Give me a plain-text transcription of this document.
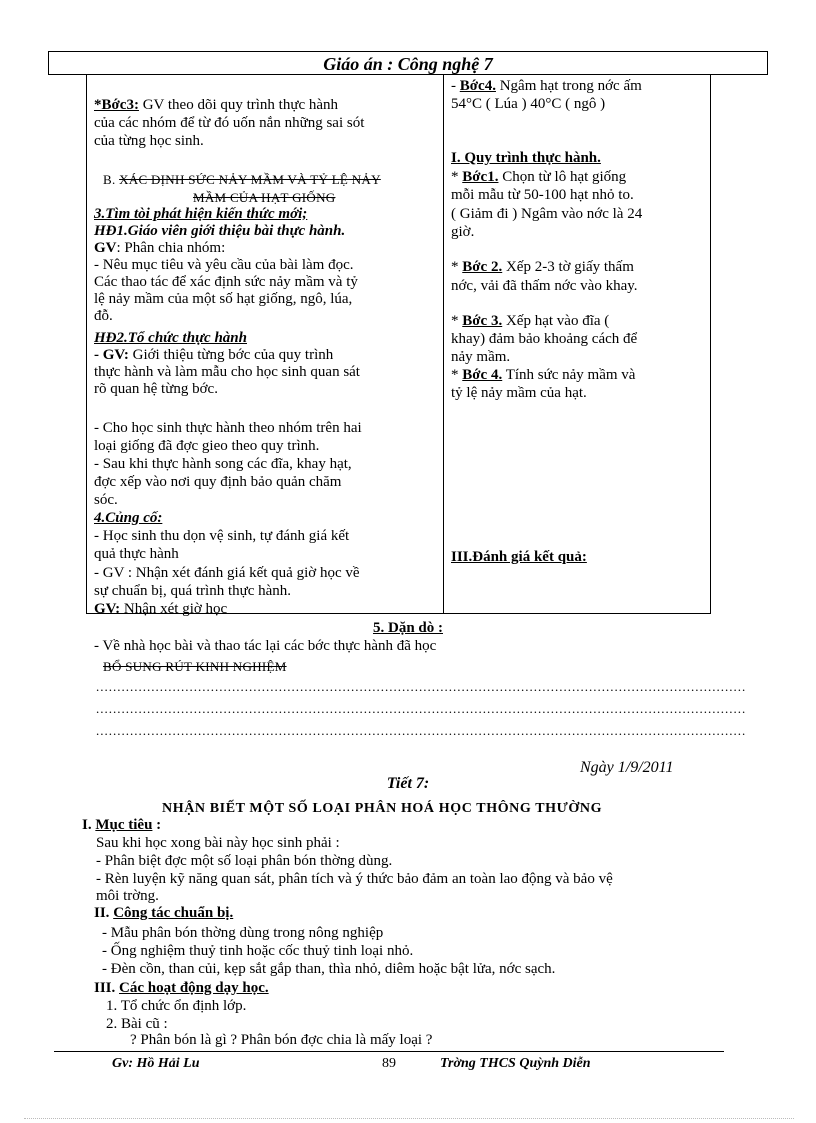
Giáo án : Công nghệ 7
*Bớc3: GV theo dõi quy trình thực hành
của các nhóm để từ đó uốn nắn những sai sót
của từng học sinh.
B. XÁC ĐỊNH SỨC NẢY MẦM VÀ TỶ LỆ NẢY
MẦM CỦA HẠT GIỐNG
3.Tìm tòi phát hiện kiến thức mới;
HĐ1.Giáo viên giới thiệu bài thực hành.
GV: Phân chia nhóm:
- Nêu mục tiêu và yêu cầu của bài làm đọc.
Các thao tác để xác định sức nảy mầm và tỷ
lệ nảy mầm của một số hạt giống, ngô, lúa,
đỗ.
HĐ2.Tổ chức thực hành
- GV: Giới thiệu từng bớc của quy trình
thực hành và làm mẫu cho học sinh quan sát
rõ quan hệ từng bớc.
- Cho học sinh thực hành theo nhóm trên hai
loại giống đã đợc gieo theo quy trình.
- Sau khi thực hành song các đĩa, khay hạt,
đợc xếp vào nơi quy định bảo quản chăm
sóc.
4.Củng cố:
- Học sinh thu dọn vệ sinh, tự đánh giá kết
quả thực hành
- GV : Nhận xét đánh giá kết quả giờ học về
sự chuẩn bị, quá trình thực hành.
GV: Nhận xét giờ học
- Bớc4. Ngâm hạt trong nớc ấm
54°C ( Lúa ) 40°C ( ngô )
I. Quy trình thực hành.
* Bớc1. Chọn từ lô hạt giống
mỗi mẫu từ 50-100 hạt nhỏ to.
( Giảm đi ) Ngâm vào nớc là 24
giờ.
* Bớc 2. Xếp 2-3 tờ giấy thấm
nớc, vải đã thấm nớc vào khay.
* Bớc 3. Xếp hạt vào đĩa (
khay) đảm bảo khoảng cách để
nảy mầm.
* Bớc 4. Tính sức nảy mầm và
tỷ lệ nảy mầm của hạt.
III.Đánh giá kết quả:
5. Dặn dò :
- Về nhà học bài và thao tác lại các bớc thực hành đã học
BỔ SUNG RÚT KINH NGHIỆM
.........................................................................................................................................................
.........................................................................................................................................................
.........................................................................................................................................................
Ngày 1/9/2011
Tiết 7:
NHẬN BIẾT MỘT SỐ LOẠI PHÂN HOÁ HỌC THÔNG THƯỜNG
I. Mục tiêu :
Sau khi học xong bài này học sinh phải :
- Phân biệt đợc một số loại phân bón thờng dùng.
- Rèn luyện kỹ năng quan sát, phân tích và ý thức bảo đảm an toàn lao động và bảo vệ
môi trờng.
II. Công tác chuẩn bị.
- Mẫu phân bón thờng dùng trong nông nghiệp
- Ống nghiệm thuỷ tinh hoặc cốc thuỷ tinh loại nhỏ.
- Đèn cồn, than củi, kẹp sắt gắp than, thìa nhỏ, diêm hoặc bật lửa, nớc sạch.
III. Các hoạt động dạy học.
1. Tổ chức ổn định lớp.
2. Bài cũ :
? Phân bón là gì ? Phân bón đợc chia là mấy loại ?
Gv: Hồ Hải Lu	89	Trờng THCS Quỳnh Diễn
